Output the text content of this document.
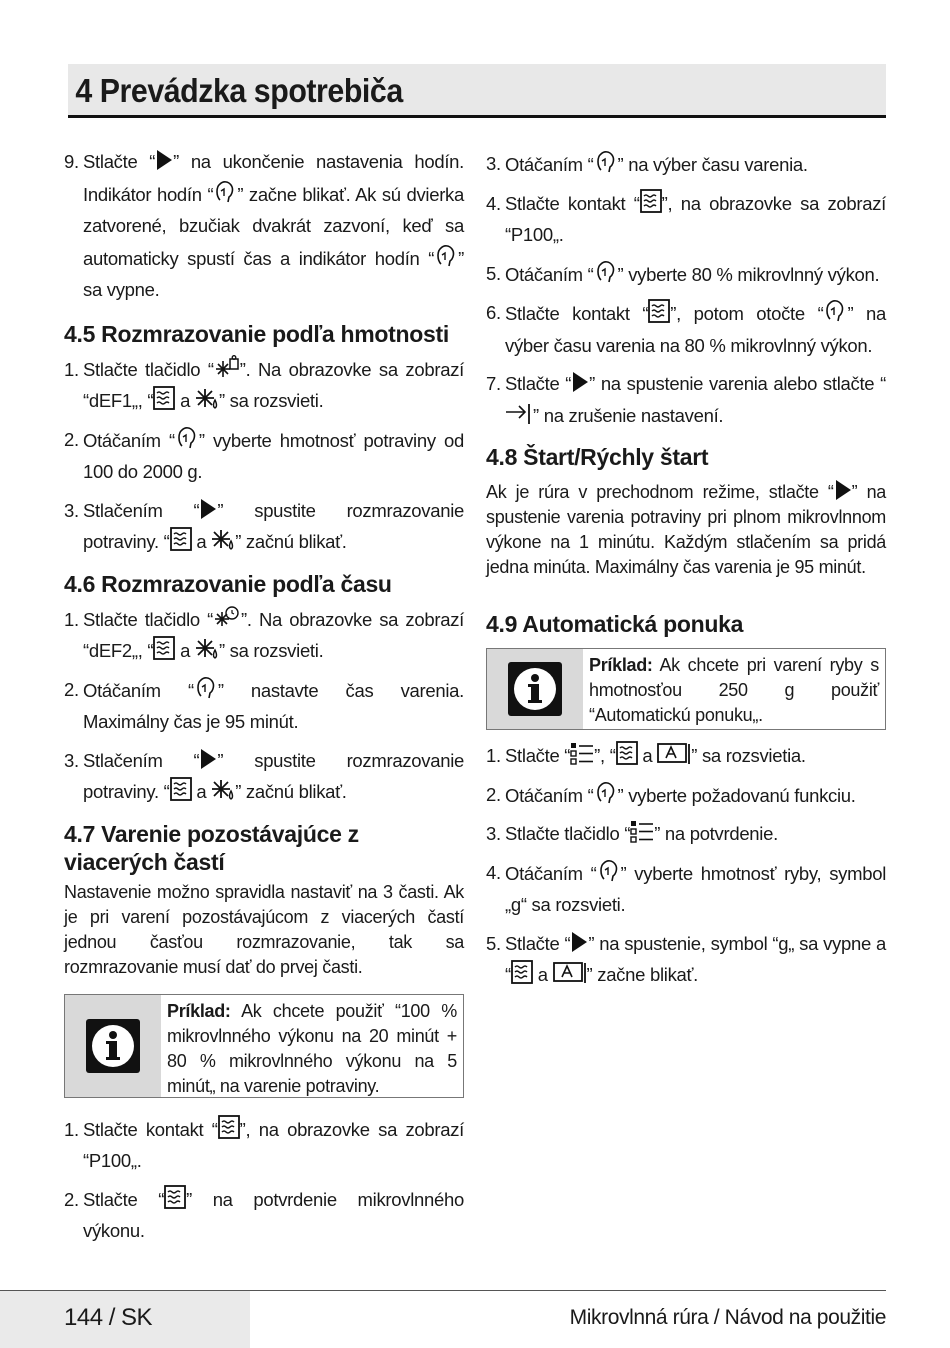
4 Prevádzka spotrebiča
9. Stlačte “ ” na ukončenie nastavenia hodín. Indikátor hodín “ ” začne blikať. Ak sú dvierka zatvorené, bzučiak dvakrát zazvoní, keď sa automaticky spustí čas a indikátor hodín “ ” sa vypne.
4.5 Rozmrazovanie podľa hmotnosti
1. Stlačte tlačidlo “ ”. Na obrazovke sa zobrazí “dEF1„, “ a ” sa rozsvieti.
2. Otáčaním “ ” vyberte hmotnosť potraviny od 100 do 2000 g.
3. Stlačením “ ” spustite rozmrazovanie potraviny. “ a ” začnú blikať.
4.6 Rozmrazovanie podľa času
1. Stlačte tlačidlo “ ”. Na obrazovke sa zobrazí “dEF2„, “ a ” sa rozsvieti.
2. Otáčaním “ ” nastavte čas varenia. Maximálny čas je 95 minút.
3. Stlačením “ ” spustite rozmrazovanie potraviny. “ a ” začnú blikať.
4.7 Varenie pozostávajúce z viacerých častí

Nastavenie možno spravidla nastaviť na 3 časti. Ak je pri varení pozostávajúcom z viacerých častí jednou časťou rozmrazovanie, tak sa rozmrazovanie musí dať do prvej časti.

Príklad: Ak chcete použiť “100 % mikrovlnného výkonu na 20 minút + 80 % mikrovlnného výkonu na 5 minút„ na varenie potraviny.
1. Stlačte kontakt “ ”, na obrazovke sa zobrazí “P100„.
2. Stlačte “ ” na potvrdenie mikrovlnného výkonu.
3. Otáčaním “ ” na výber času varenia.
4. Stlačte kontakt “ ”, na obrazovke sa zobrazí “P100„.
5. Otáčaním “ ” vyberte 80 % mikrovlnný výkon.
6. Stlačte kontakt “ ”, potom otočte “ ” na výber času varenia na 80 % mikrovlnný výkon.
7. Stlačte “ ” na spustenie varenia alebo stlačte “” na zrušenie nastavení.
4.8 Štart/Rýchly štart

Ak je rúra v prechodnom režime, stlačte “ ” na spustenie varenia potraviny pri plnom mikrovlnnom výkone na 1 minútu. Každým stlačením sa pridá jedna minúta. Maximálny čas varenia je 95 minút.

4.9 Automatická ponuka
Príklad: Ak chcete pri varení ryby s hmotnosťou 250 g použiť “Automatickú ponuku„.
1. Stlačte “ ”, “ a ” sa rozsvietia.
2. Otáčaním “ ” vyberte požadovanú funkciu.
3. Stlačte tlačidlo “ ” na potvrdenie.
4. Otáčaním “ ” vyberte hmotnosť ryby, symbol „g“ sa rozsvieti.
5. Stlačte “ ” na spustenie, symbol “g„ sa vypne a “ a ” začne blikať.
144 / SK	Mikrovlnná rúra / Návod na použitie
